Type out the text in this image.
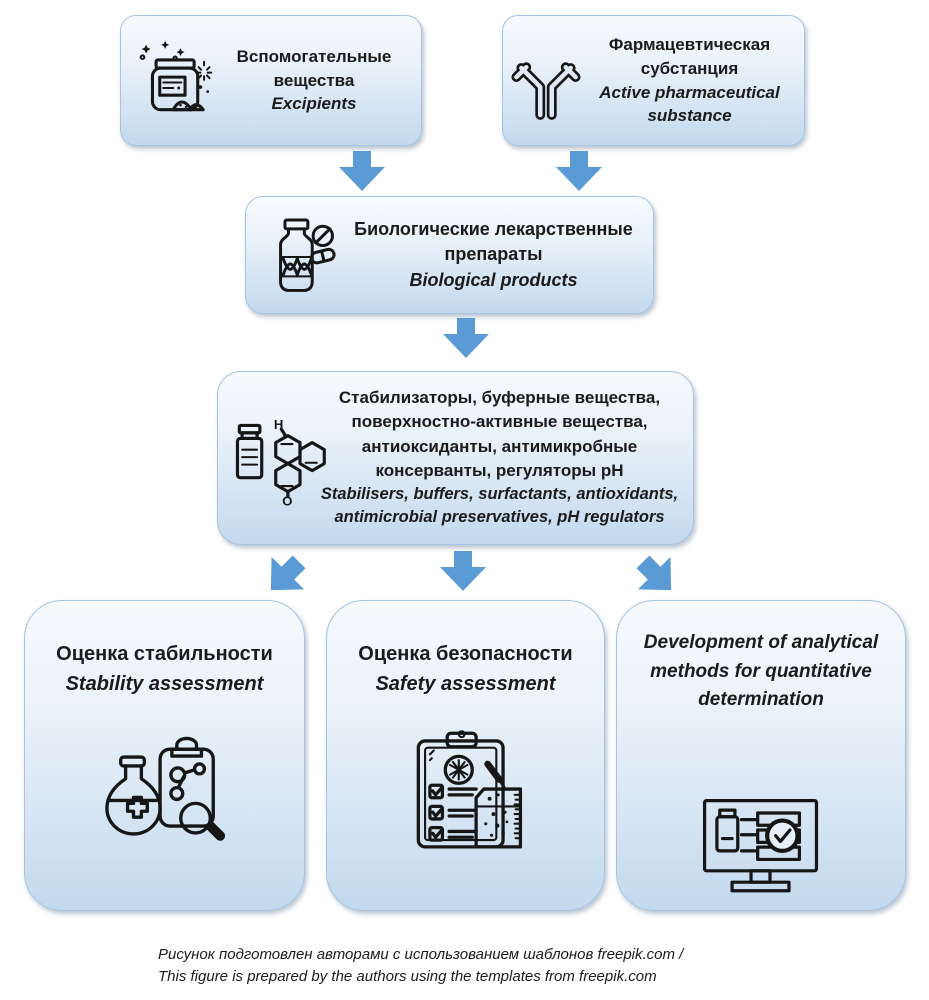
Вспомогательные вещества
Excipients
Фармацевтическая субстанция
Active pharmaceutical substance
Биологические лекарственные препараты
Biological products
H
O
Стабилизаторы, буферные вещества, поверхностно-активные вещества, антиоксиданты, антимикробные консерванты, регуляторы pH
Stabilisers, buffers, surfactants, antioxidants, antimicrobial preservatives, pH regulators
Оценка стабильности
Stability assessment
Оценка безопасности
Safety assessment
Development of analytical methods for quantitative determination
Рисунок подготовлен авторами с использованием шаблонов freepik.com /
This figure is prepared by the authors using the templates from freepik.com
